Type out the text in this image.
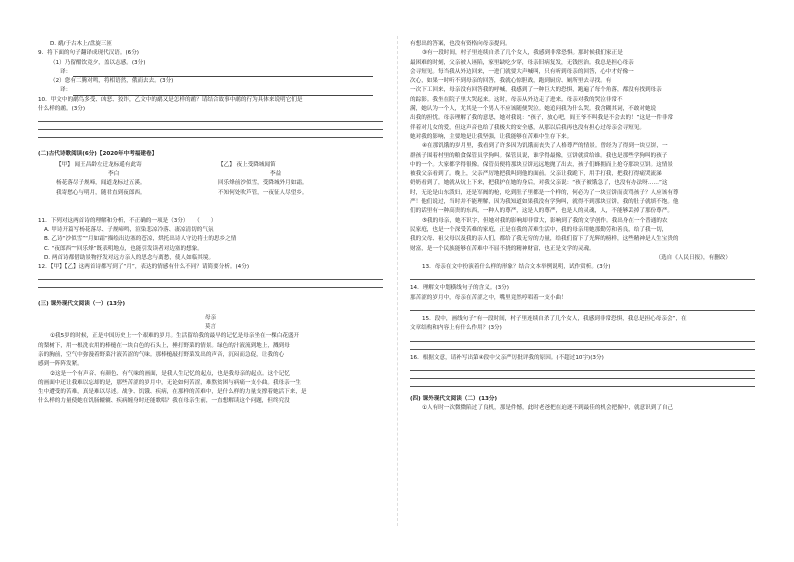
D. 鹬/于古木上/盘旋三匝
9．将下面的句子翻译成现代汉语。(6分)
（1）乃留酣饮竟夕，盖以志感。(3分)
译：
（2）您有二腾对鸣，将相语然，俄而去去。(3分)
译：
10．甲文中的鹬鸟多受、凶恶、狡诈，乙文中的鹬又是怎样的鹬？请结合故事中鹬的行为具体来说明它们是
什么样的鹬。(3分)
(二)古代诗歌阅读(6分)【2020年中考福建卷】
【甲】 闻王昌龄左迁龙标遥有此寄
李白
杨花落尽子规啼，闻道龙标过五溪。
我寄愁心与明月，随君直到夜郎西。
【乙】 夜上受降城闻笛
李益
回乐烽前沙似雪，受降城外月如霜。
不知何处吹芦管，一夜征人尽望乡。
11．下列对这两首诗的理解和分析，不正确的一项是（3分）　　（　　）
A. 甲诗开篇写杨花落尽、子规啼鸣，渲染悲凉冷落、凄凉清切的气氛
B. 乙诗“沙似雪”“月如霜”描绘出边塞的苍凉，烘托出诗人守边将士的思乡之情
C. “夜郎西”“回乐烽”既表明地点，也能引发读者对边塞的想象。
D. 两首诗都借助景物抒发对远方亲人的思念与离愁，使人如临其境。
12．【甲】【乙】这两首诗都写到了“月”，表达的情感有什么不同？请简要分析。(4分)
(三) 课外现代文阅读（一）(13分)
母亲
莫言
①我5岁的时候，正是中国历史上一个艰难的岁月。生活留给我的最早的记忆是母亲坐在一棵白花盛开
的梨树下，用一根洗衣用的棒槌在一块白色的石头上，捶打野菜的情景。绿色的汁液流到地上，溅到母
亲的胸前，空气中弥漫着野菜汁液苦涩的气味。那棒槌敲打野菜发出的声音，沉闷而急促，让我的心
感到一阵阵发紧。
②这是一个有声音、有颜色、有气味的画面，是我人生记忆的起点，也是我母亲的起点。这个记忆
的画面中还让我难以忘却的是，那些苦涩的岁月中，无论如何苦涩，难熬贫困与病痛一支小曲。我母亲一生
生中遭受的苦难，真是难以尽述。战争、饥饿、疾病，在那样的苦难中，是什么样的力量支撑着她活下来，是
什么样的力量使她在饥肠辘辘、疾病缠身时还能歌唱？我在母亲生前，一直想解读这个问题，但终究没
有想出的答案，也没有资格向母亲提问。
③有一段时间，村子里连续自杀了几个女人，我感到非常恐惧。那时候我们家正是
最困难的时刻，父亲被人诬陷，家里缺吃少穿，母亲旧病复发，无钱医治。我总是担心母亲
会寻短见。每当我从外边回来，一进门就要大声喊叫，只有听到母亲的回答，心中才好像一
次心，如果一时听不到母亲的回答，我就心惊胆战，跑到厨房、厕所里去寻找。有
一次下工回来，母亲没有回答我的呼喊，我感到了一种巨大的恐惧，跑遍了每个角落，都没有找到母亲
的踪影。我坐在院子里大哭起来。这时，母亲从外边走了进来。母亲对我的哭泣非常不
满，她认为一个人，尤其是一个男人不应该随便哭泣。她追问我为什么哭。我含糊其词，不敢对她说
出我的担忧。母亲理解了我的意思，她对我说：“孩子，放心吧，阎王爷不叫我是不会去的！”这是一件非常
伴着对儿女的爱，但这声音也给了我极大的安全感，从那以后我再也没有担心过母亲会寻短见。
她对我的影响，主要地是让我坚强，让我能够在苦难中生存下来。
④在那饥饿的岁月里，我看到了许多因为饥饿而丧失了人格尊严的情景。曾经为了得到一块豆饼，一
群孩子围着村里的粮食保管员学狗叫。保管员说，谁学得最像，豆饼就赏给谁。我也是那些学狗叫的孩子
中的一个。大家都学得很像。保管员便将那块豆饼远远地抛了出去，孩子们蜂拥而上抢夺那块豆饼。这情景
被我父亲看到了。晚上，父亲严厉地把我叫到他的面前。父亲让我跪下，用手打我，把我打得痛哭流涕
奶奶看到了，她就从炕上下来，把我护在她的身后，对我父亲说：“孩子被饿急了，也没有办法呀……”这
时，无论是山东泼妇，还是军阀的枪，吃到肚子里都是一个样的，何必为了一块豆饼而责骂孩子？人应该有尊
严！他们说过，当时并不能理解，因为我知道如果我没有学狗叫，就得不到那块豆饼，我的肚子就填不饱。他
们的话里有一种高贵的东西，一种人的尊严，这是人的尊严，也是人的灵魂，人，不能够丢掉了那份尊严。
⑤我的母亲，她不识字，但她对我的影响却非常大，影响到了我的文学创作。我出身在一个普通的农
民家庭，也是一个深受苦难的家庭，正是在我的苦难生活中，我的母亲用她那勤劳和善良，给了我一切，
我的父母、祖父母以及我的亲人们，都给了我无穷的力量，给我们留下了光辉的榜样，这些精神是人生宝贵的
财富，是一个民族能够在苦难中不屈不挠的精神财富，也正是文学的灵魂。
（选自《人民日报》，有删改）
13．母亲在文中扮演着什么样的形象？结合文本举例说明，试作赏析。(3分)
14．理解文中划横线句子的含义。(3分)
那苦涩的岁月中，母亲在苦涩之中，嘴里竟然哼唱着一支小曲！
15．段中，画线句子“有一段时间，村子里连续自杀了几个女人，我感到非常恐惧，我总是担心母亲会”，在
文章结构和内容上有什么作用？(3分)
16．根据文意，请补写出第④段中父亲严厉批评我的原因。(不超过10字)(3分)
(四) 课外现代文阅读（二）(13分)
①人有时一次微微陷过了良机，那是件憾，此时老爸把在迫逐不到最佳的机会把握中，就意识到了自己
